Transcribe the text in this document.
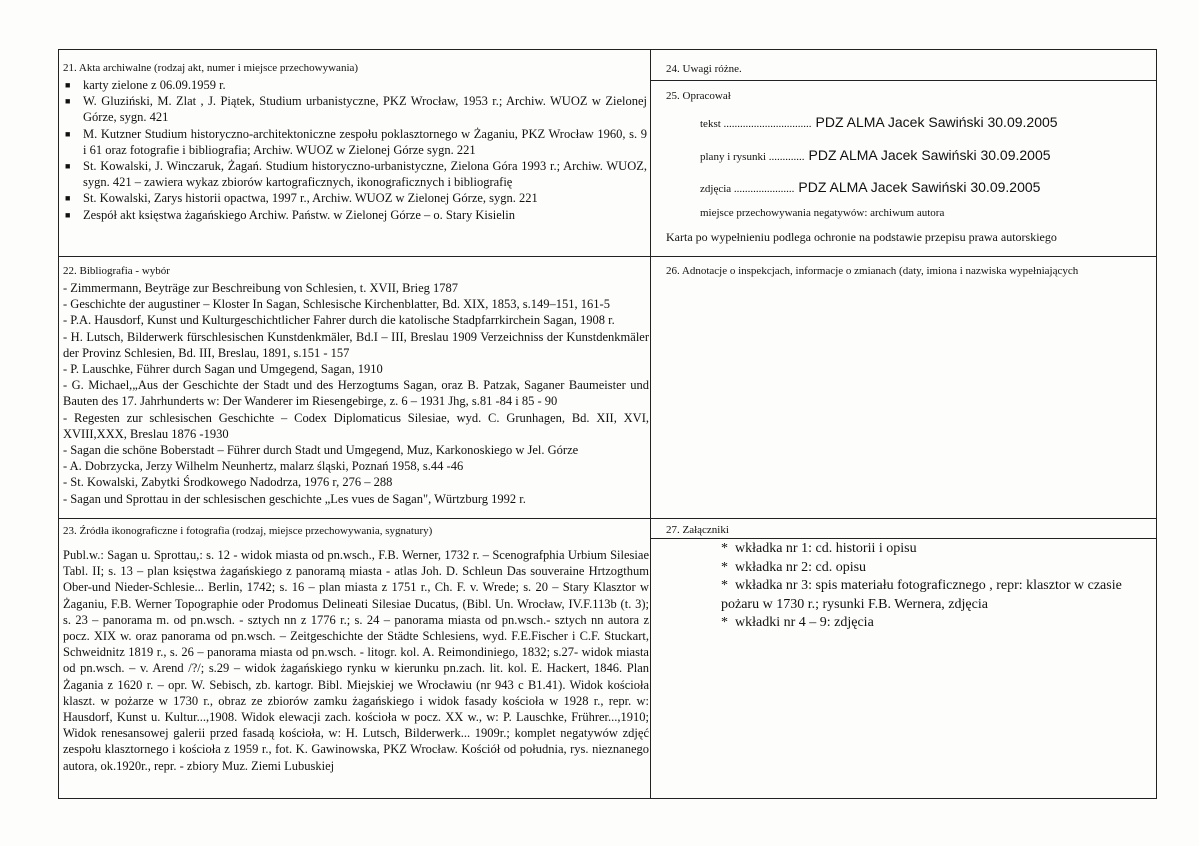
21. Akta archiwalne (rodzaj akt, numer i miejsce przechowywania)
■ karty zielone z 06.09.1959 r.
■ W. Gluziński, M. Zlat , J. Piątek, Studium urbanistyczne, PKZ Wrocław, 1953 r.; Archiw. WUOZ w Zielonej Górze, sygn. 421
■ M. Kutzner Studium historyczno-architektoniczne zespołu poklasztornego w Żaganiu, PKZ Wrocław 1960, s. 9 i 61 oraz fotografie i bibliografia; Archiw. WUOZ w Zielonej Górze sygn. 221
■ St. Kowalski, J. Winczaruk, Żagań. Studium historyczno-urbanistyczne, Zielona Góra 1993 r.; Archiw. WUOZ, sygn. 421 – zawiera wykaz zbiorów kartograficznych, ikonograficznych i bibliografię
■ St. Kowalski, Zarys historii opactwa, 1997 r., Archiw. WUOZ w Zielonej Górze, sygn. 221
■ Zespół akt księstwa żagańskiego Archiw. Państw. w Zielonej Górze – o. Stary Kisielin
22. Bibliografia - wybór
- Zimmermann, Beyträge zur Beschreibung von Schlesien, t. XVII, Brieg 1787
- Geschichte der augustiner – Kloster In Sagan, Schlesische Kirchenblatter, Bd. XIX, 1853, s.149–151, 161-5
- P.A. Hausdorf, Kunst und Kulturgeschichtlicher Fahrer durch die katolische Stadpfarrkirchein Sagan, 1908 r.
- H. Lutsch, Bilderwerk fürschlesischen Kunstdenkmäler, Bd.I – III, Breslau 1909 Verzeichniss der Kunstdenkmäler der Provinz Schlesien, Bd. III, Breslau, 1891, s.151 - 157
- P. Lauschke, Führer durch Sagan und Umgegend, Sagan, 1910
- G. Michael,„Aus der Geschichte der Stadt und des Herzogtums Sagan, oraz B. Patzak, Saganer Baumeister und Bauten des 17. Jahrhunderts w: Der Wanderer im Riesengebirge, z. 6 – 1931 Jhg, s.81 -84 i 85 - 90
- Regesten zur schlesischen Geschichte – Codex Diplomaticus Silesiae, wyd. C. Grunhagen, Bd. XII, XVI, XVIII,XXX, Breslau 1876 -1930
- Sagan die schöne Boberstadt – Führer durch Stadt und Umgegend, Muz, Karkonoskiego w Jel. Górze
- A. Dobrzycka, Jerzy Wilhelm Neunhertz, malarz śląski, Poznań 1958, s.44 -46
- St. Kowalski, Zabytki Środkowego Nadodrza, 1976 r, 276 – 288
- Sagan und Sprottau in der schlesischen geschichte „Les vues de Sagan", Würtzburg 1992 r.
23. Źródła ikonograficzne i fotografia (rodzaj, miejsce przechowywania, sygnatury)
Publ.w.: Sagan u. Sprottau,: s. 12 - widok miasta od pn.wsch., F.B. Werner, 1732 r. – Scenografphia Urbium Silesiae Tabl. II; s. 13 – plan księstwa żagańskiego z panoramą miasta - atlas Joh. D. Schleun Das souveraine Hrtzogthum Ober-und Nieder-Schlesie... Berlin, 1742; s. 16 – plan miasta z 1751 r., Ch. F. v. Wrede; s. 20 – Stary Klasztor w Żaganiu, F.B. Werner Topographie oder Prodomus Delineati Silesiae Ducatus, (Bibl. Un. Wrocław, IV.F.113b (t. 3); s. 23 – panorama m. od pn.wsch. - sztych nn z 1776 r.; s. 24 – panorama miasta od pn.wsch.- sztych nn autora z pocz. XIX w. oraz panorama od pn.wsch. – Zeitgeschichte der Städte Schlesiens, wyd. F.E.Fischer i C.F. Stuckart, Schweidnitz 1819 r., s. 26 – panorama miasta od pn.wsch. - litogr. kol. A. Reimondiniego, 1832; s.27- widok miasta od pn.wsch. – v. Arend /?/; s.29 – widok żagańskiego rynku w kierunku pn.zach. lit. kol. E. Hackert, 1846. Plan Żagania z 1620 r. – opr. W. Sebisch, zb. kartogr. Bibl. Miejskiej we Wrocławiu (nr 943 c B1.41). Widok kościoła klaszt. w pożarze w 1730 r., obraz ze zbiorów zamku żagańskiego i widok fasady kościoła w 1928 r., repr. w: Hausdorf, Kunst u. Kultur...,1908. Widok elewacji zach. kościoła w pocz. XX w., w: P. Lauschke, Frührer...,1910; Widok renesansowej galerii przed fasadą kościoła, w: H. Lutsch, Bilderwerk... 1909r.; komplet negatywów zdjęć zespołu klasztornego i kościoła z 1959 r., fot. K. Gawinowska, PKZ Wrocław. Kościół od południa, rys. nieznanego autora, ok.1920r., repr. - zbiory Muz. Ziemi Lubuskiej
24. Uwagi różne.
25. Opracował
tekst ................................ PDZ ALMA Jacek Sawiński 30.09.2005
plany i rysunki ............. PDZ ALMA Jacek Sawiński 30.09.2005
zdjęcia ...................... PDZ ALMA Jacek Sawiński 30.09.2005
miejsce przechowywania negatywów: archiwum autora
Karta po wypełnieniu podlega ochronie na podstawie przepisu prawa autorskiego
26. Adnotacje o inspekcjach, informacje o zmianach (daty, imiona i nazwiska wypełniających
27. Załączniki
* wkładka nr 1: cd. historii i opisu
* wkładka nr 2: cd. opisu
* wkładka nr 3: spis materiału fotograficznego , repr: klasztor w czasie pożaru w 1730 r.; rysunki F.B. Wernera, zdjęcia
* wkładki nr 4 – 9: zdjęcia
